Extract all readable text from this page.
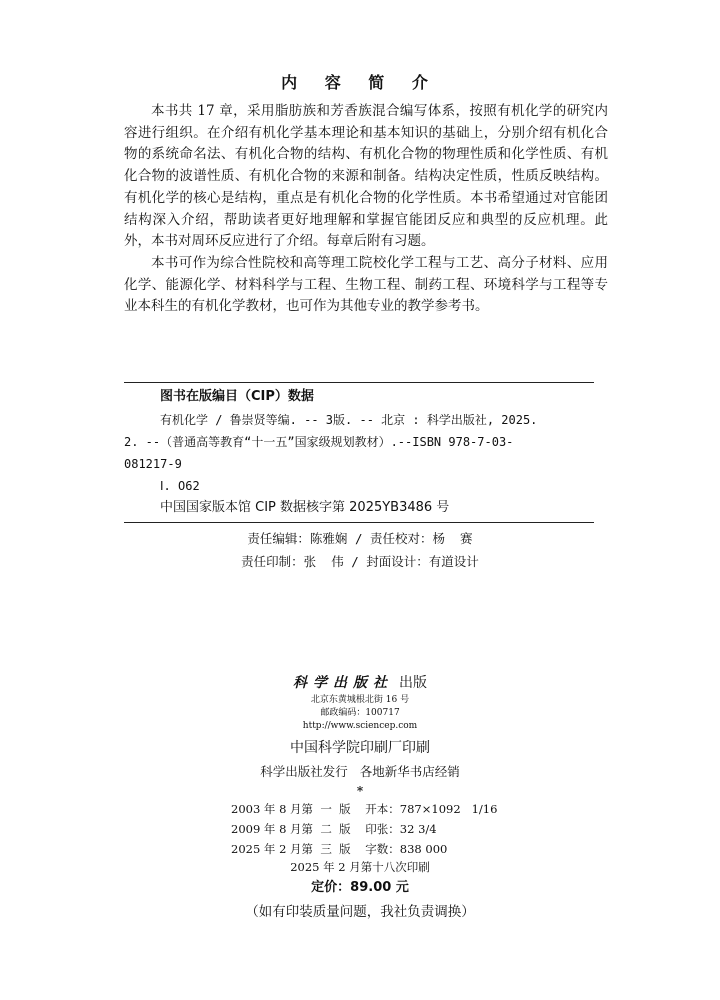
内 容 简 介

本书共 17 章，采用脂肪族和芳香族混合编写体系，按照有机化学的研究内容进行组织。在介绍有机化学基本理论和基本知识的基础上，分别介绍有机化合物的系统命名法、有机化合物的结构、有机化合物的物理性质和化学性质、有机化合物的波谱性质、有机化合物的来源和制备。结构决定性质，性质反映结构。有机化学的核心是结构，重点是有机化合物的化学性质。本书希望通过对官能团结构深入介绍，帮助读者更好地理解和掌握官能团反应和典型的反应机理。此外，本书对周环反应进行了介绍。每章后附有习题。

本书可作为综合性院校和高等理工院校化学工程与工艺、高分子材料、应用化学、能源化学、材料科学与工程、生物工程、制药工程、环境科学与工程等专业本科生的有机化学教材，也可作为其他专业的教学参考书。

图书在版编目（CIP）数据
有机化学 / 鲁崇贤等编. -- 3版. -- 北京 : 科学出版社, 2025.
2. --（普通高等教育“十一五”国家级规划教材）.--ISBN 978-7-03-
081217-9
Ⅰ. O62
中国国家版本馆 CIP 数据核字第 2025YB3486 号
责任编辑：陈雅娴 / 责任校对：杨  赛
责任印制：张  伟 / 封面设计：有道设计
科学出版社 出版
北京东黄城根北街 16 号
邮政编码：100717
http://www.sciencep.com
中国科学院印刷厂印刷
科学出版社发行   各地新华书店经销
*
2003 年 8 月第  一  版 开本：787×1092   1/16
2009 年 8 月第  二  版 印张：32 3/4
2025 年 2 月第  三  版 字数：838 000
2025 年 2 月第十八次印刷
定价：89.00 元
（如有印装质量问题，我社负责调换）
